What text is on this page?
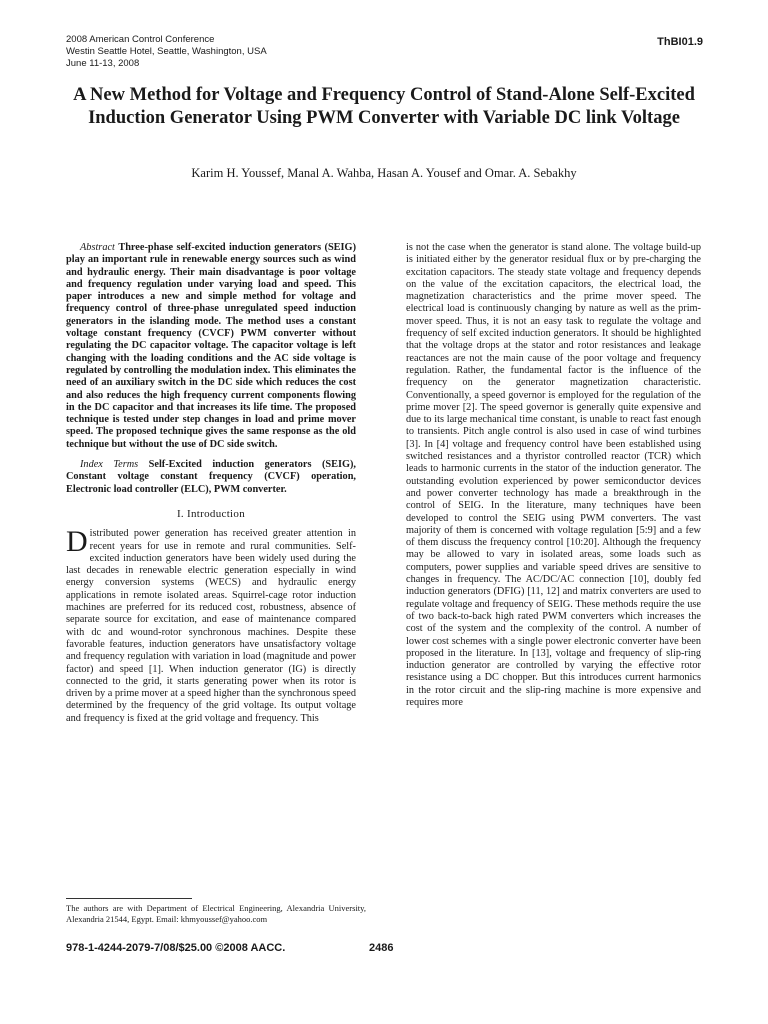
2008 American Control Conference
Westin Seattle Hotel, Seattle, Washington, USA
June 11-13, 2008
ThBI01.9
A New Method for Voltage and Frequency Control of Stand-Alone Self-Excited Induction Generator Using PWM Converter with Variable DC link Voltage
Karim H. Youssef, Manal A. Wahba, Hasan A. Yousef and Omar. A. Sebakhy

Abstract Three-phase self-excited induction generators (SEIG) play an important rule in renewable energy sources such as wind and hydraulic energy. Their main disadvantage is poor voltage and frequency regulation under varying load and speed. This paper introduces a new and simple method for voltage and frequency control of three-phase unregulated speed induction generators in the islanding mode. The method uses a constant voltage constant frequency (CVCF) PWM converter without regulating the DC capacitor voltage. The capacitor voltage is left changing with the loading conditions and the AC side voltage is regulated by controlling the modulation index. This eliminates the need of an auxiliary switch in the DC side which reduces the cost and also reduces the high frequency current components flowing in the DC capacitor and that increases its life time. The proposed technique is tested under step changes in load and prime mover speed. The proposed technique gives the same response as the old technique but without the use of DC side switch.

Index Terms Self-Excited induction generators (SEIG), Constant voltage constant frequency (CVCF) operation, Electronic load controller (ELC), PWM converter.

I. Introduction

Distributed power generation has received greater attention in recent years for use in remote and rural communities. Self-excited induction generators have been widely used during the last decades in renewable electric generation especially in wind energy conversion systems (WECS) and hydraulic energy applications in remote isolated areas. Squirrel-cage rotor induction machines are preferred for its reduced cost, robustness, absence of separate source for excitation, and ease of maintenance compared with dc and wound-rotor synchronous machines. Despite these favorable features, induction generators have unsatisfactory voltage and frequency regulation with variation in load (magnitude and power factor) and speed [1]. When induction generator (IG) is directly connected to the grid, it starts generating power when its rotor is driven by a prime mover at a speed higher than the synchronous speed determined by the frequency of the grid voltage. Its output voltage and frequency is fixed at the grid voltage and frequency. This

is not the case when the generator is stand alone. The voltage build-up is initiated either by the generator residual flux or by pre-charging the excitation capacitors. The steady state voltage and frequency depends on the value of the excitation capacitors, the electrical load, the magnetization characteristics and the prime mover speed. The electrical load is continuously changing by nature as well as the prim-mover speed. Thus, it is not an easy task to regulate the voltage and frequency of self excited induction generators. It should be highlighted that the voltage drops at the stator and rotor resistances and leakage reactances are not the main cause of the poor voltage and frequency regulation. Rather, the fundamental factor is the influence of the frequency on the generator magnetization characteristic. Conventionally, a speed governor is employed for the regulation of the prime mover [2]. The speed governor is generally quite expensive and due to its large mechanical time constant, is unable to react fast enough to transients. Pitch angle control is also used in case of wind turbines [3]. In [4] voltage and frequency control have been established using switched resistances and a thyristor controlled reactor (TCR) which leads to harmonic currents in the stator of the induction generator. The outstanding evolution experienced by power semiconductor devices and power converter technology has made a breakthrough in the control of SEIG. In the literature, many techniques have been developed to control the SEIG using PWM converters. The vast majority of them is concerned with voltage regulation [5:9] and a few of them discuss the frequency control [10:20]. Although the frequency may be allowed to vary in isolated areas, some loads such as computers, power supplies and variable speed drives are sensitive to changes in frequency. The AC/DC/AC connection [10], doubly fed induction generators (DFIG) [11, 12] and matrix converters are used to regulate voltage and frequency of SEIG. These methods require the use of two back-to-back high rated PWM converters which increases the cost of the system and the complexity of the control. A number of lower cost schemes with a single power electronic converter have been proposed in the literature. In [13], voltage and frequency of slip-ring induction generator are controlled by varying the effective rotor resistance using a DC chopper. But this introduces current harmonics in the rotor circuit and the slip-ring machine is more expensive and requires more

The authors are with Department of Electrical Engineering, Alexandria University, Alexandria 21544, Egypt. Email: khmyoussef@yahoo.com
978-1-4244-2079-7/08/$25.00 ©2008 AACC.	2486
